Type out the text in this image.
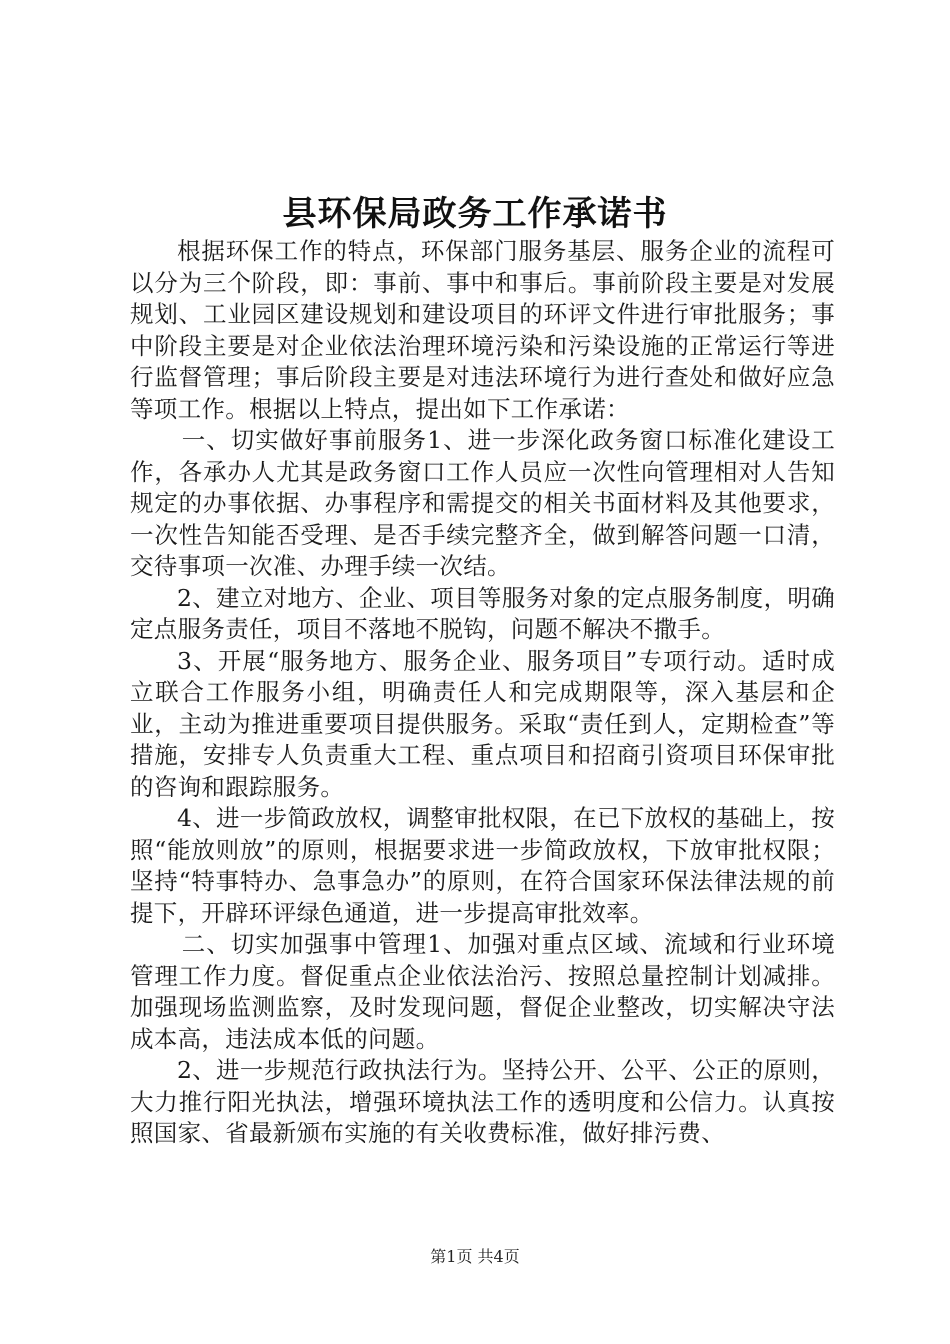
县环保局政务工作承诺书

根据环保工作的特点，环保部门服务基层、服务企业的流程可以分为三个阶段，即：事前、事中和事后。事前阶段主要是对发展规划、工业园区建设规划和建设项目的环评文件进行审批服务；事中阶段主要是对企业依法治理环境污染和污染设施的正常运行等进行监督管理；事后阶段主要是对违法环境行为进行查处和做好应急等项工作。根据以上特点，提出如下工作承诺：

一、切实做好事前服务1、进一步深化政务窗口标准化建设工作，各承办人尤其是政务窗口工作人员应一次性向管理相对人告知规定的办事依据、办事程序和需提交的相关书面材料及其他要求，一次性告知能否受理、是否手续完整齐全，做到解答问题一口清，交待事项一次准、办理手续一次结。

2、建立对地方、企业、项目等服务对象的定点服务制度，明确定点服务责任，项目不落地不脱钩，问题不解决不撒手。

3、开展“服务地方、服务企业、服务项目”专项行动。适时成立联合工作服务小组，明确责任人和完成期限等，深入基层和企业，主动为推进重要项目提供服务。采取“责任到人，定期检查”等措施，安排专人负责重大工程、重点项目和招商引资项目环保审批的咨询和跟踪服务。

4、进一步简政放权，调整审批权限，在已下放权的基础上，按照“能放则放”的原则，根据要求进一步简政放权，下放审批权限；坚持“特事特办、急事急办”的原则，在符合国家环保法律法规的前提下，开辟环评绿色通道，进一步提高审批效率。

二、切实加强事中管理1、加强对重点区域、流域和行业环境管理工作力度。督促重点企业依法治污、按照总量控制计划减排。加强现场监测监察，及时发现问题，督促企业整改，切实解决守法成本高，违法成本低的问题。

2、进一步规范行政执法行为。坚持公开、公平、公正的原则，大力推行阳光执法，增强环境执法工作的透明度和公信力。认真按照国家、省最新颁布实施的有关收费标准，做好排污费、

第1页 共4页
